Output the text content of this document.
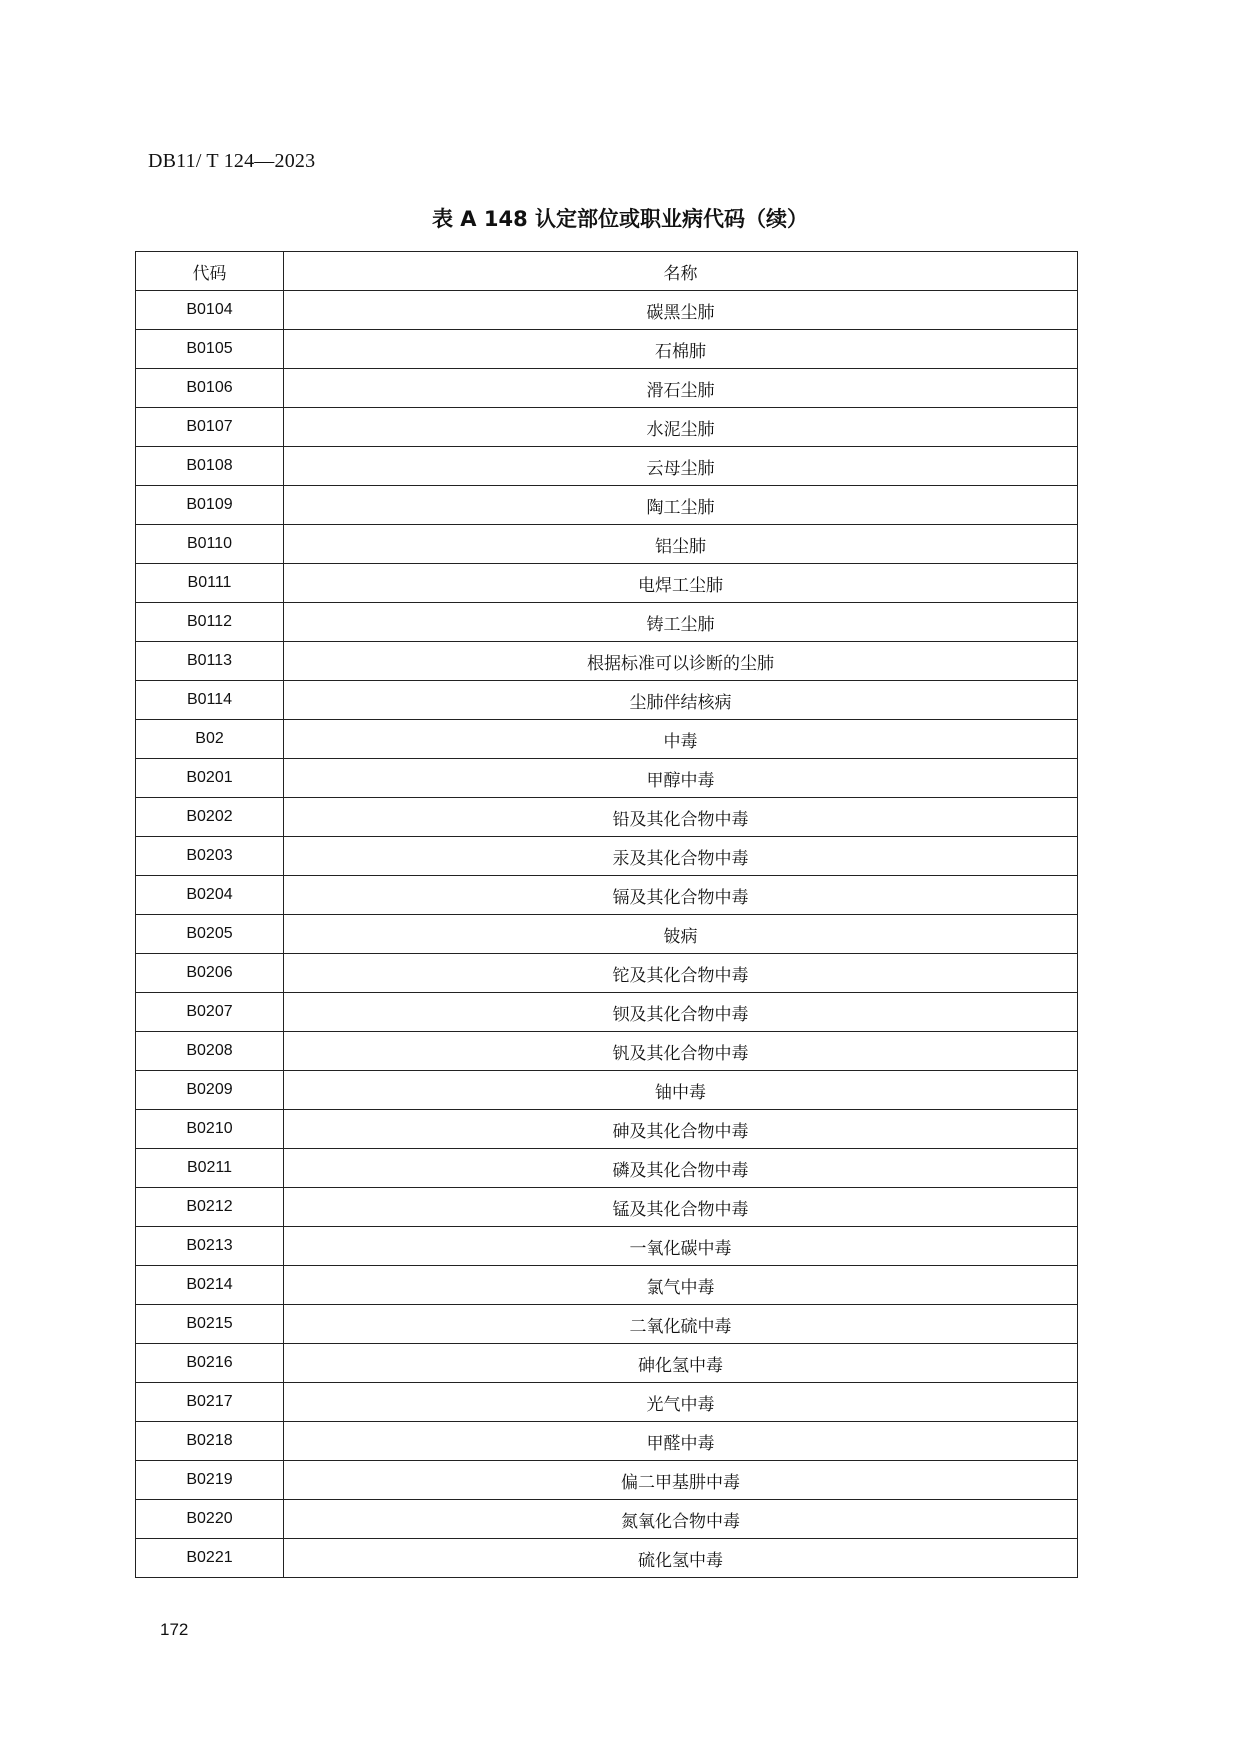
DB11/ T 124—2023
表 A 148 认定部位或职业病代码（续）
代码	名称
B0104	碳黑尘肺
B0105	石棉肺
B0106	滑石尘肺
B0107	水泥尘肺
B0108	云母尘肺
B0109	陶工尘肺
B0110	铝尘肺
B0111	电焊工尘肺
B0112	铸工尘肺
B0113	根据标准可以诊断的尘肺
B0114	尘肺伴结核病
B02	中毒
B0201	甲醇中毒
B0202	铅及其化合物中毒
B0203	汞及其化合物中毒
B0204	镉及其化合物中毒
B0205	铍病
B0206	铊及其化合物中毒
B0207	钡及其化合物中毒
B0208	钒及其化合物中毒
B0209	铀中毒
B0210	砷及其化合物中毒
B0211	磷及其化合物中毒
B0212	锰及其化合物中毒
B0213	一氧化碳中毒
B0214	氯气中毒
B0215	二氧化硫中毒
B0216	砷化氢中毒
B0217	光气中毒
B0218	甲醛中毒
B0219	偏二甲基肼中毒
B0220	氮氧化合物中毒
B0221	硫化氢中毒
172
